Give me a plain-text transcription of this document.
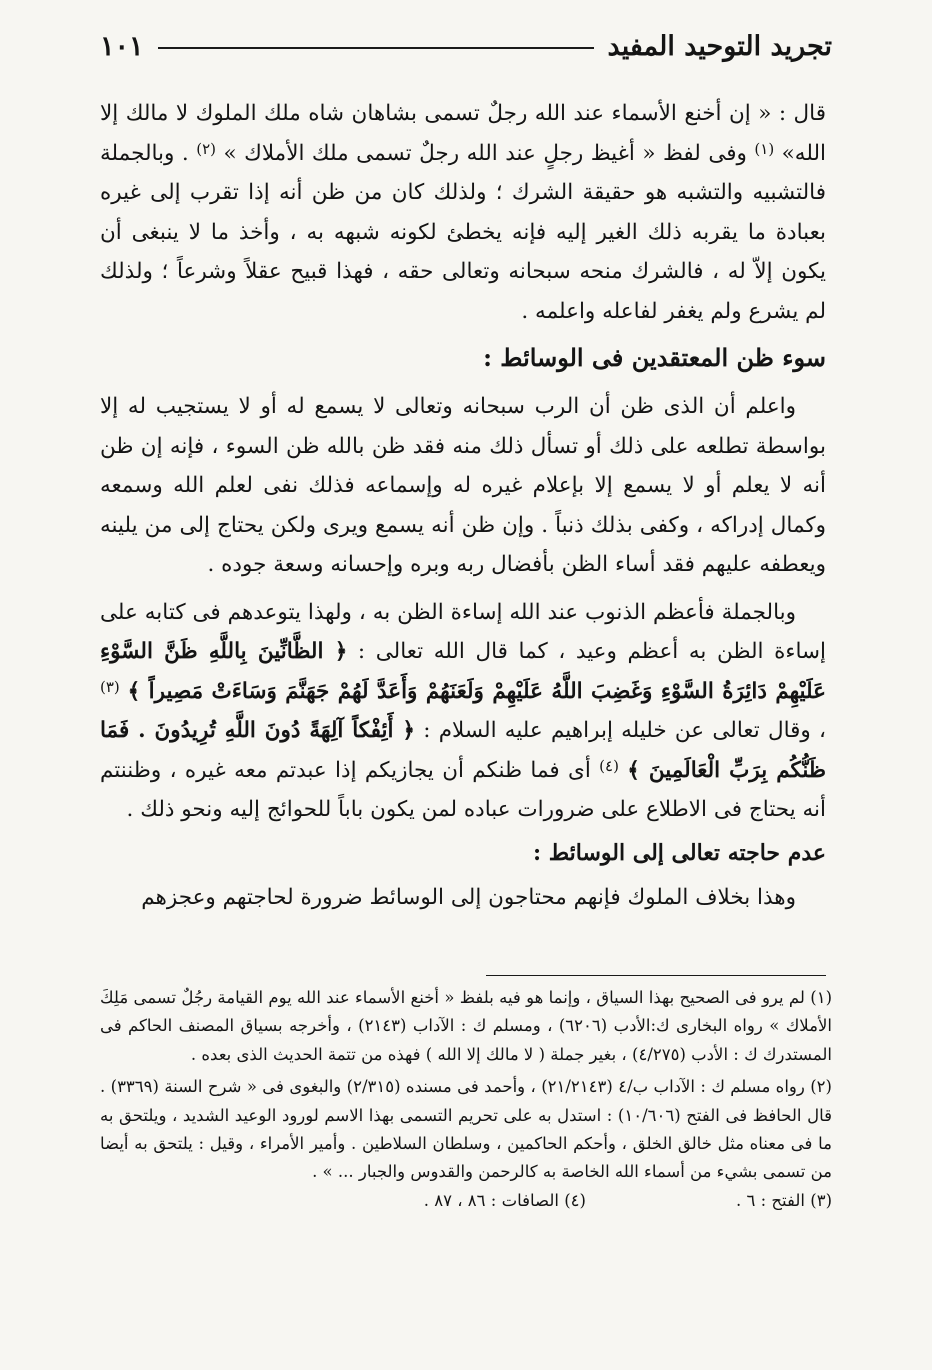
تجريد التوحيد المفيد
١٠١

قال : « إن أخنع الأسماء عند الله رجلٌ تسمى بشاهان شاه ملك الملوك لا مالك إلا الله» $^{(١)}$ وفى لفظ « أغيظ رجلٍ عند الله رجلٌ تسمى ملك الأملاك » $^{(٢)}$ . وبالجملة فالتشبيه والتشبه هو حقيقة الشرك ؛ ولذلك كان من ظن أنه إذا تقرب إلى غيره بعبادة ما يقربه ذلك الغير إليه فإنه يخطئ لكونه شبهه به ، وأخذ ما لا ينبغى أن يكون إلاّ له ، فالشرك منحه سبحانه وتعالى حقه ، فهذا قبيح عقلاً وشرعاً ؛ ولذلك لم يشرع ولم يغفر لفاعله واعلمه .

سوء ظن المعتقدين فى الوسائط :

واعلم أن الذى ظن أن الرب سبحانه وتعالى لا يسمع له أو لا يستجيب له إلا بواسطة تطلعه على ذلك أو تسأل ذلك منه فقد ظن بالله ظن السوء ، فإنه إن ظن أنه لا يعلم أو لا يسمع إلا بإعلام غيره له وإسماعه فذلك نفى لعلم الله وسمعه وكمال إدراكه ، وكفى بذلك ذنباً . وإن ظن أنه يسمع ويرى ولكن يحتاج إلى من يلينه ويعطفه عليهم فقد أساء الظن بأفضال ربه وبره وإحسانه وسعة جوده .

وبالجملة فأعظم الذنوب عند الله إساءة الظن به ، ولهذا يتوعدهم فى كتابه على إساءة الظن به أعظم وعيد ، كما قال الله تعالى : ﴿ الظَّانِّينَ بِاللَّهِ ظَنَّ السَّوْءِ عَلَيْهِمْ دَائِرَةُ السَّوْءِ وَغَضِبَ اللَّهُ عَلَيْهِمْ وَلَعَنَهُمْ وَأَعَدَّ لَهُمْ جَهَنَّمَ وَسَاءَتْ مَصِيراً ﴾ $^{(٣)}$ ، وقال تعالى عن خليله إبراهيم عليه السلام : ﴿ أَئِفْكاً آلِهَةً دُونَ اللَّهِ تُرِيدُونَ . فَمَا ظَنُّكُم بِرَبِّ الْعَالَمِينَ ﴾ $^{(٤)}$ أى فما ظنكم أن يجازيكم إذا عبدتم معه غيره ، وظننتم أنه يحتاج فى الاطلاع على ضرورات عباده لمن يكون باباً للحوائج إليه ونحو ذلك .

عدم حاجته تعالى إلى الوسائط :

وهذا بخلاف الملوك فإنهم محتاجون إلى الوسائط ضرورة لحاجتهم وعجزهم

(١) لم يرو فى الصحيح بهذا السياق ، وإنما هو فيه بلفظ « أخنع الأسماء عند الله يوم القيامة رجُلٌ تسمى مَلِكَ الأملاك » رواه البخارى ك:الأدب (٦٢٠٦) ، ومسلم ك : الآداب (٢١٤٣) ، وأخرجه بسياق المصنف الحاكم فى المستدرك ك : الأدب (٤/٢٧٥) ، بغير جملة ( لا مالك إلا الله ) فهذه من تتمة الحديث الذى بعده .

(٢) رواه مسلم ك : الآداب ب/٤ (٢١/٢١٤٣) ، وأحمد فى مسنده (٢/٣١٥) والبغوى فى « شرح السنة (٣٣٦٩) . قال الحافظ فى الفتح (١٠/٦٠٦) : استدل به على تحريم التسمى بهذا الاسم لورود الوعيد الشديد ، ويلتحق به ما فى معناه مثل خالق الخلق ، وأحكم الحاكمين ، وسلطان السلاطين . وأمير الأمراء ، وقيل : يلتحق به أيضا من تسمى بشيء من أسماء الله الخاصة به كالرحمن والقدوس والجبار ... » .

(٣) الفتح : ٦ .
(٤) الصافات : ٨٦ ، ٨٧ .
